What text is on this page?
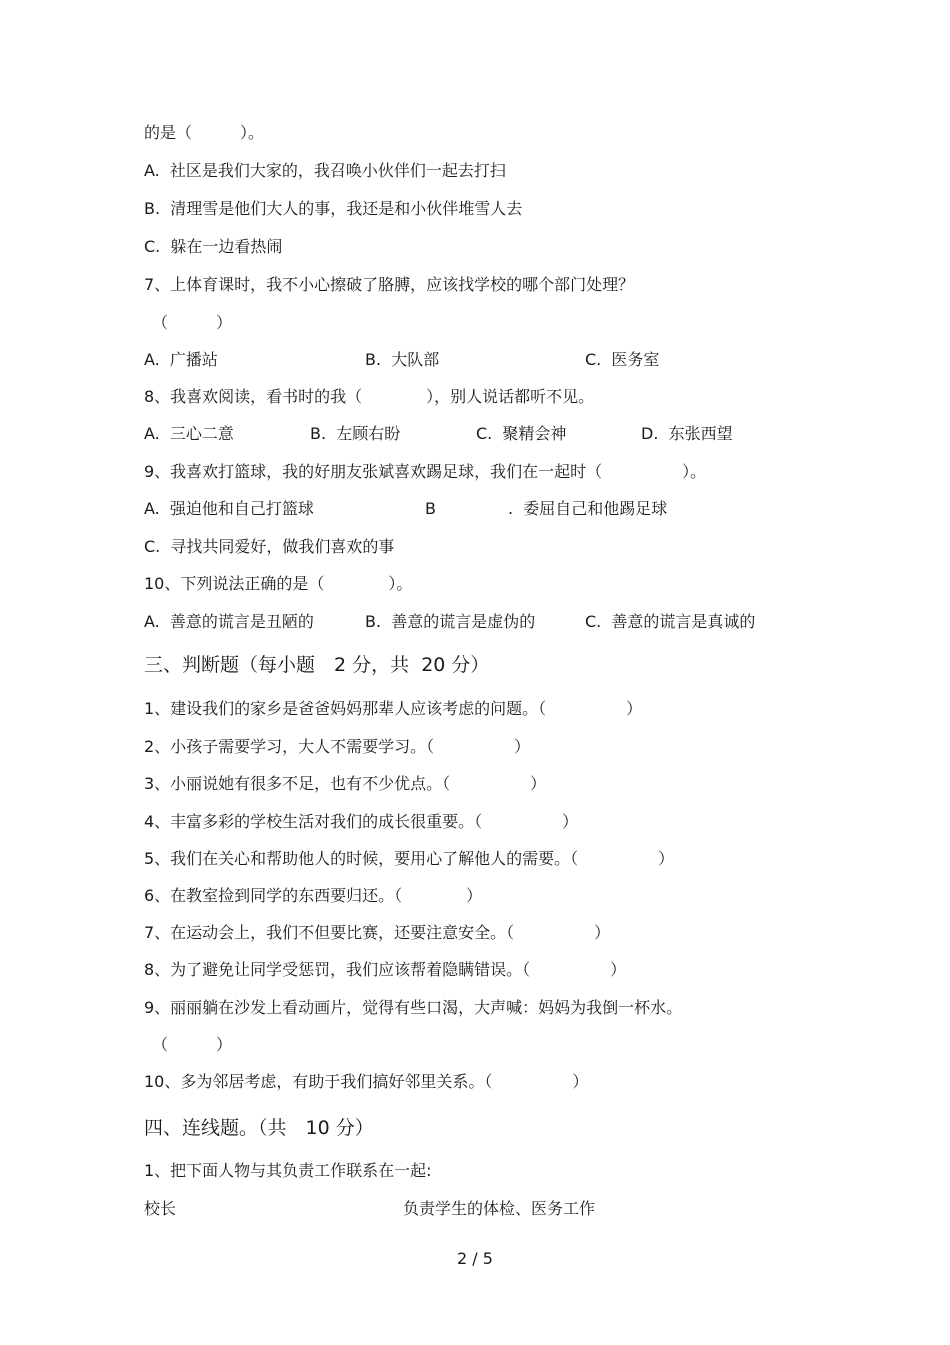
的是（　　　）。
A.  社区是我们大家的，我召唤小伙伴们一起去打扫
B.  清理雪是他们大人的事，我还是和小伙伴堆雪人去
C.  躲在一边看热闹
7、上体育课时，我不小心擦破了胳膊，应该找学校的哪个部门处理？
（　　　）
A.  广播站	B.  大队部	C.  医务室
8、我喜欢阅读，看书时的我（　　　　），别人说话都听不见。
A.  三心二意	B.  左顾右盼	C.  聚精会神	D.  东张西望
9、我喜欢打篮球，我的好朋友张斌喜欢踢足球，我们在一起时（　　　　　）。
A.  强迫他和自己打篮球	B	.  委屈自己和他踢足球
C.  寻找共同爱好，做我们喜欢的事
10、下列说法正确的是（　　　　）。
A.  善意的谎言是丑陋的	B.  善意的谎言是虚伪的	C.  善意的谎言是真诚的
三、判断题（每小题　2 分，共  20 分）
1、建设我们的家乡是爸爸妈妈那辈人应该考虑的问题。（　　　　　）
2、小孩子需要学习，大人不需要学习。（　　　　　）
3、小丽说她有很多不足，也有不少优点。（　　　　　）
4、丰富多彩的学校生活对我们的成长很重要。（　　　　　）
5、我们在关心和帮助他人的时候，要用心了解他人的需要。（　　　　　）
6、在教室捡到同学的东西要归还。（　　　　）
7、在运动会上，我们不但要比赛，还要注意安全。（　　　　　）
8、为了避免让同学受惩罚，我们应该帮着隐瞒错误。（　　　　　）
9、丽丽躺在沙发上看动画片，觉得有些口渴，大声喊：妈妈为我倒一杯水。
（　　　）
10、多为邻居考虑，有助于我们搞好邻里关系。（　　　　　）
四、连线题。（共　10 分）
1、把下面人物与其负责工作联系在一起:
校长	负责学生的体检、医务工作
2 / 5
